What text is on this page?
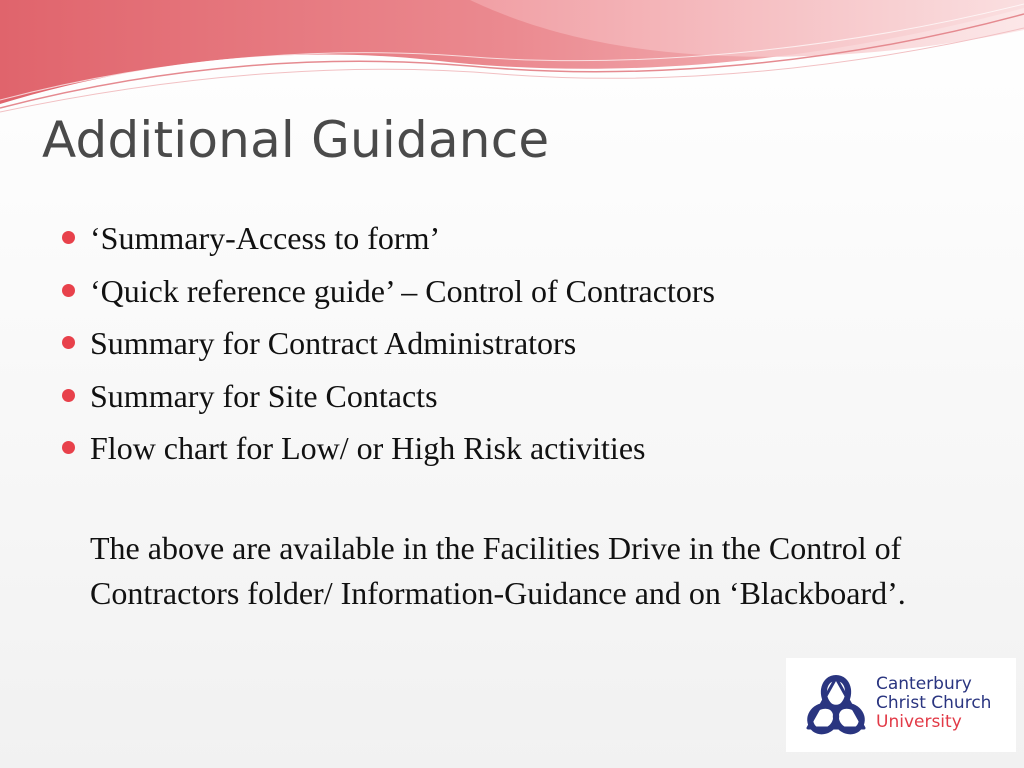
Additional Guidance
‘Summary-Access to form’
‘Quick reference guide’ – Control of Contractors
Summary for Contract Administrators
Summary for Site Contacts
Flow chart for Low/ or High Risk activities

The above are available in the Facilities Drive in the Control of Contractors folder/ Information-Guidance and on ‘Blackboard’.

Canterbury
Christ Church
University
